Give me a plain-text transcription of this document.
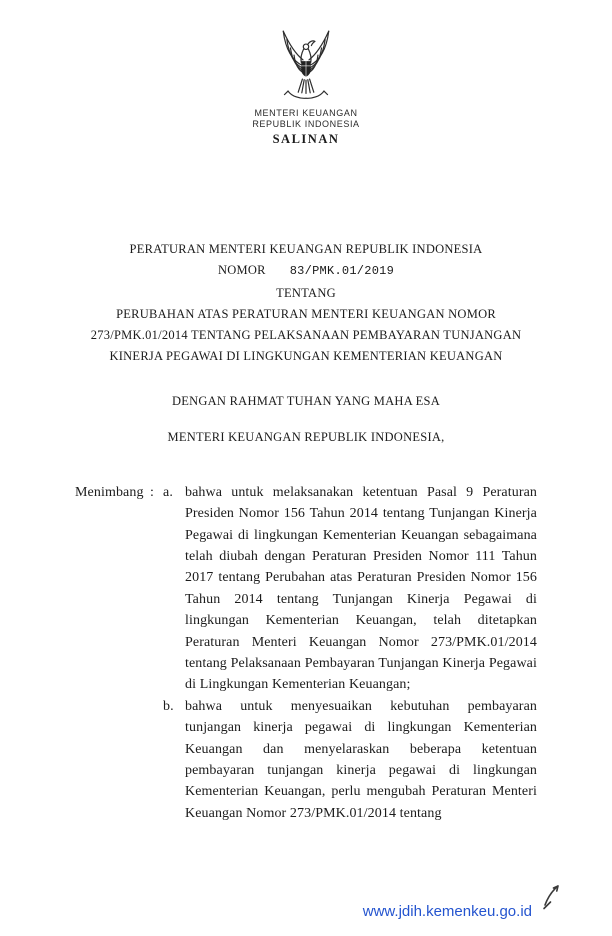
MENTERI KEUANGAN
REPUBLIK INDONESIA
SALINAN
PERATURAN MENTERI KEUANGAN REPUBLIK INDONESIA
NOMOR 83/PMK.01/2019
TENTANG
PERUBAHAN ATAS PERATURAN MENTERI KEUANGAN NOMOR
273/PMK.01/2014 TENTANG PELAKSANAAN PEMBAYARAN TUNJANGAN
KINERJA PEGAWAI DI LINGKUNGAN KEMENTERIAN KEUANGAN
DENGAN RAHMAT TUHAN YANG MAHA ESA
MENTERI KEUANGAN REPUBLIK INDONESIA,
Menimbang : a. bahwa untuk melaksanakan ketentuan Pasal 9 Peraturan Presiden Nomor 156 Tahun 2014 tentang Tunjangan Kinerja Pegawai di lingkungan Kementerian Keuangan sebagaimana telah diubah dengan Peraturan Presiden Nomor 111 Tahun 2017 tentang Perubahan atas Peraturan Presiden Nomor 156 Tahun 2014 tentang Tunjangan Kinerja Pegawai di lingkungan Kementerian Keuangan, telah ditetapkan Peraturan Menteri Keuangan Nomor 273/PMK.01/2014 tentang Pelaksanaan Pembayaran Tunjangan Kinerja Pegawai di Lingkungan Kementerian Keuangan;
b. bahwa untuk menyesuaikan kebutuhan pembayaran tunjangan kinerja pegawai di lingkungan Kementerian Keuangan dan menyelaraskan beberapa ketentuan pembayaran tunjangan kinerja pegawai di lingkungan Kementerian Keuangan, perlu mengubah Peraturan Menteri Keuangan Nomor 273/PMK.01/2014 tentang
www.jdih.kemenkeu.go.id
